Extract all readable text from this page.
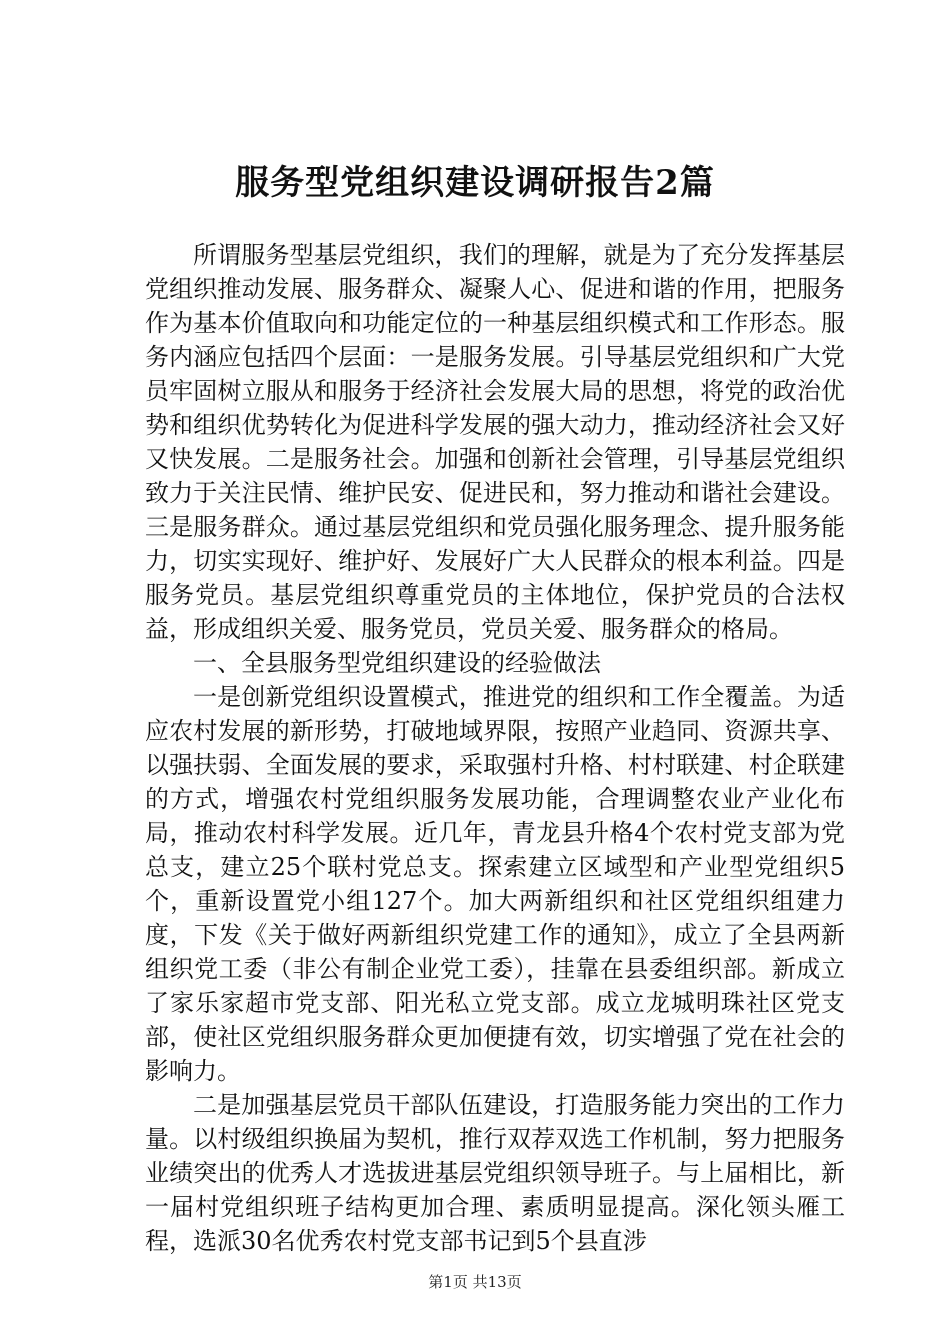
服务型党组织建设调研报告2篇

所谓服务型基层党组织，我们的理解，就是为了充分发挥基层党组织推动发展、服务群众、凝聚人心、促进和谐的作用，把服务作为基本价值取向和功能定位的一种基层组织模式和工作形态。服务内涵应包括四个层面：一是服务发展。引导基层党组织和广大党员牢固树立服从和服务于经济社会发展大局的思想，将党的政治优势和组织优势转化为促进科学发展的强大动力，推动经济社会又好又快发展。二是服务社会。加强和创新社会管理，引导基层党组织致力于关注民情、维护民安、促进民和，努力推动和谐社会建设。三是服务群众。通过基层党组织和党员强化服务理念、提升服务能力，切实实现好、维护好、发展好广大人民群众的根本利益。四是服务党员。基层党组织尊重党员的主体地位，保护党员的合法权益，形成组织关爱、服务党员，党员关爱、服务群众的格局。

一、全县服务型党组织建设的经验做法

一是创新党组织设置模式，推进党的组织和工作全覆盖。为适应农村发展的新形势，打破地域界限，按照产业趋同、资源共享、以强扶弱、全面发展的要求，采取强村升格、村村联建、村企联建的方式，增强农村党组织服务发展功能，合理调整农业产业化布局，推动农村科学发展。近几年，青龙县升格4个农村党支部为党总支，建立25个联村党总支。探索建立区域型和产业型党组织5个，重新设置党小组127个。加大两新组织和社区党组织组建力度，下发《关于做好两新组织党建工作的通知》，成立了全县两新组织党工委（非公有制企业党工委），挂靠在县委组织部。新成立了家乐家超市党支部、阳光私立党支部。成立龙城明珠社区党支部，使社区党组织服务群众更加便捷有效，切实增强了党在社会的影响力。

二是加强基层党员干部队伍建设，打造服务能力突出的工作力量。以村级组织换届为契机，推行双荐双选工作机制，努力把服务业绩突出的优秀人才选拔进基层党组织领导班子。与上届相比，新一届村党组织班子结构更加合理、素质明显提高。深化领头雁工程，选派30名优秀农村党支部书记到5个县直涉

第1页 共13页
